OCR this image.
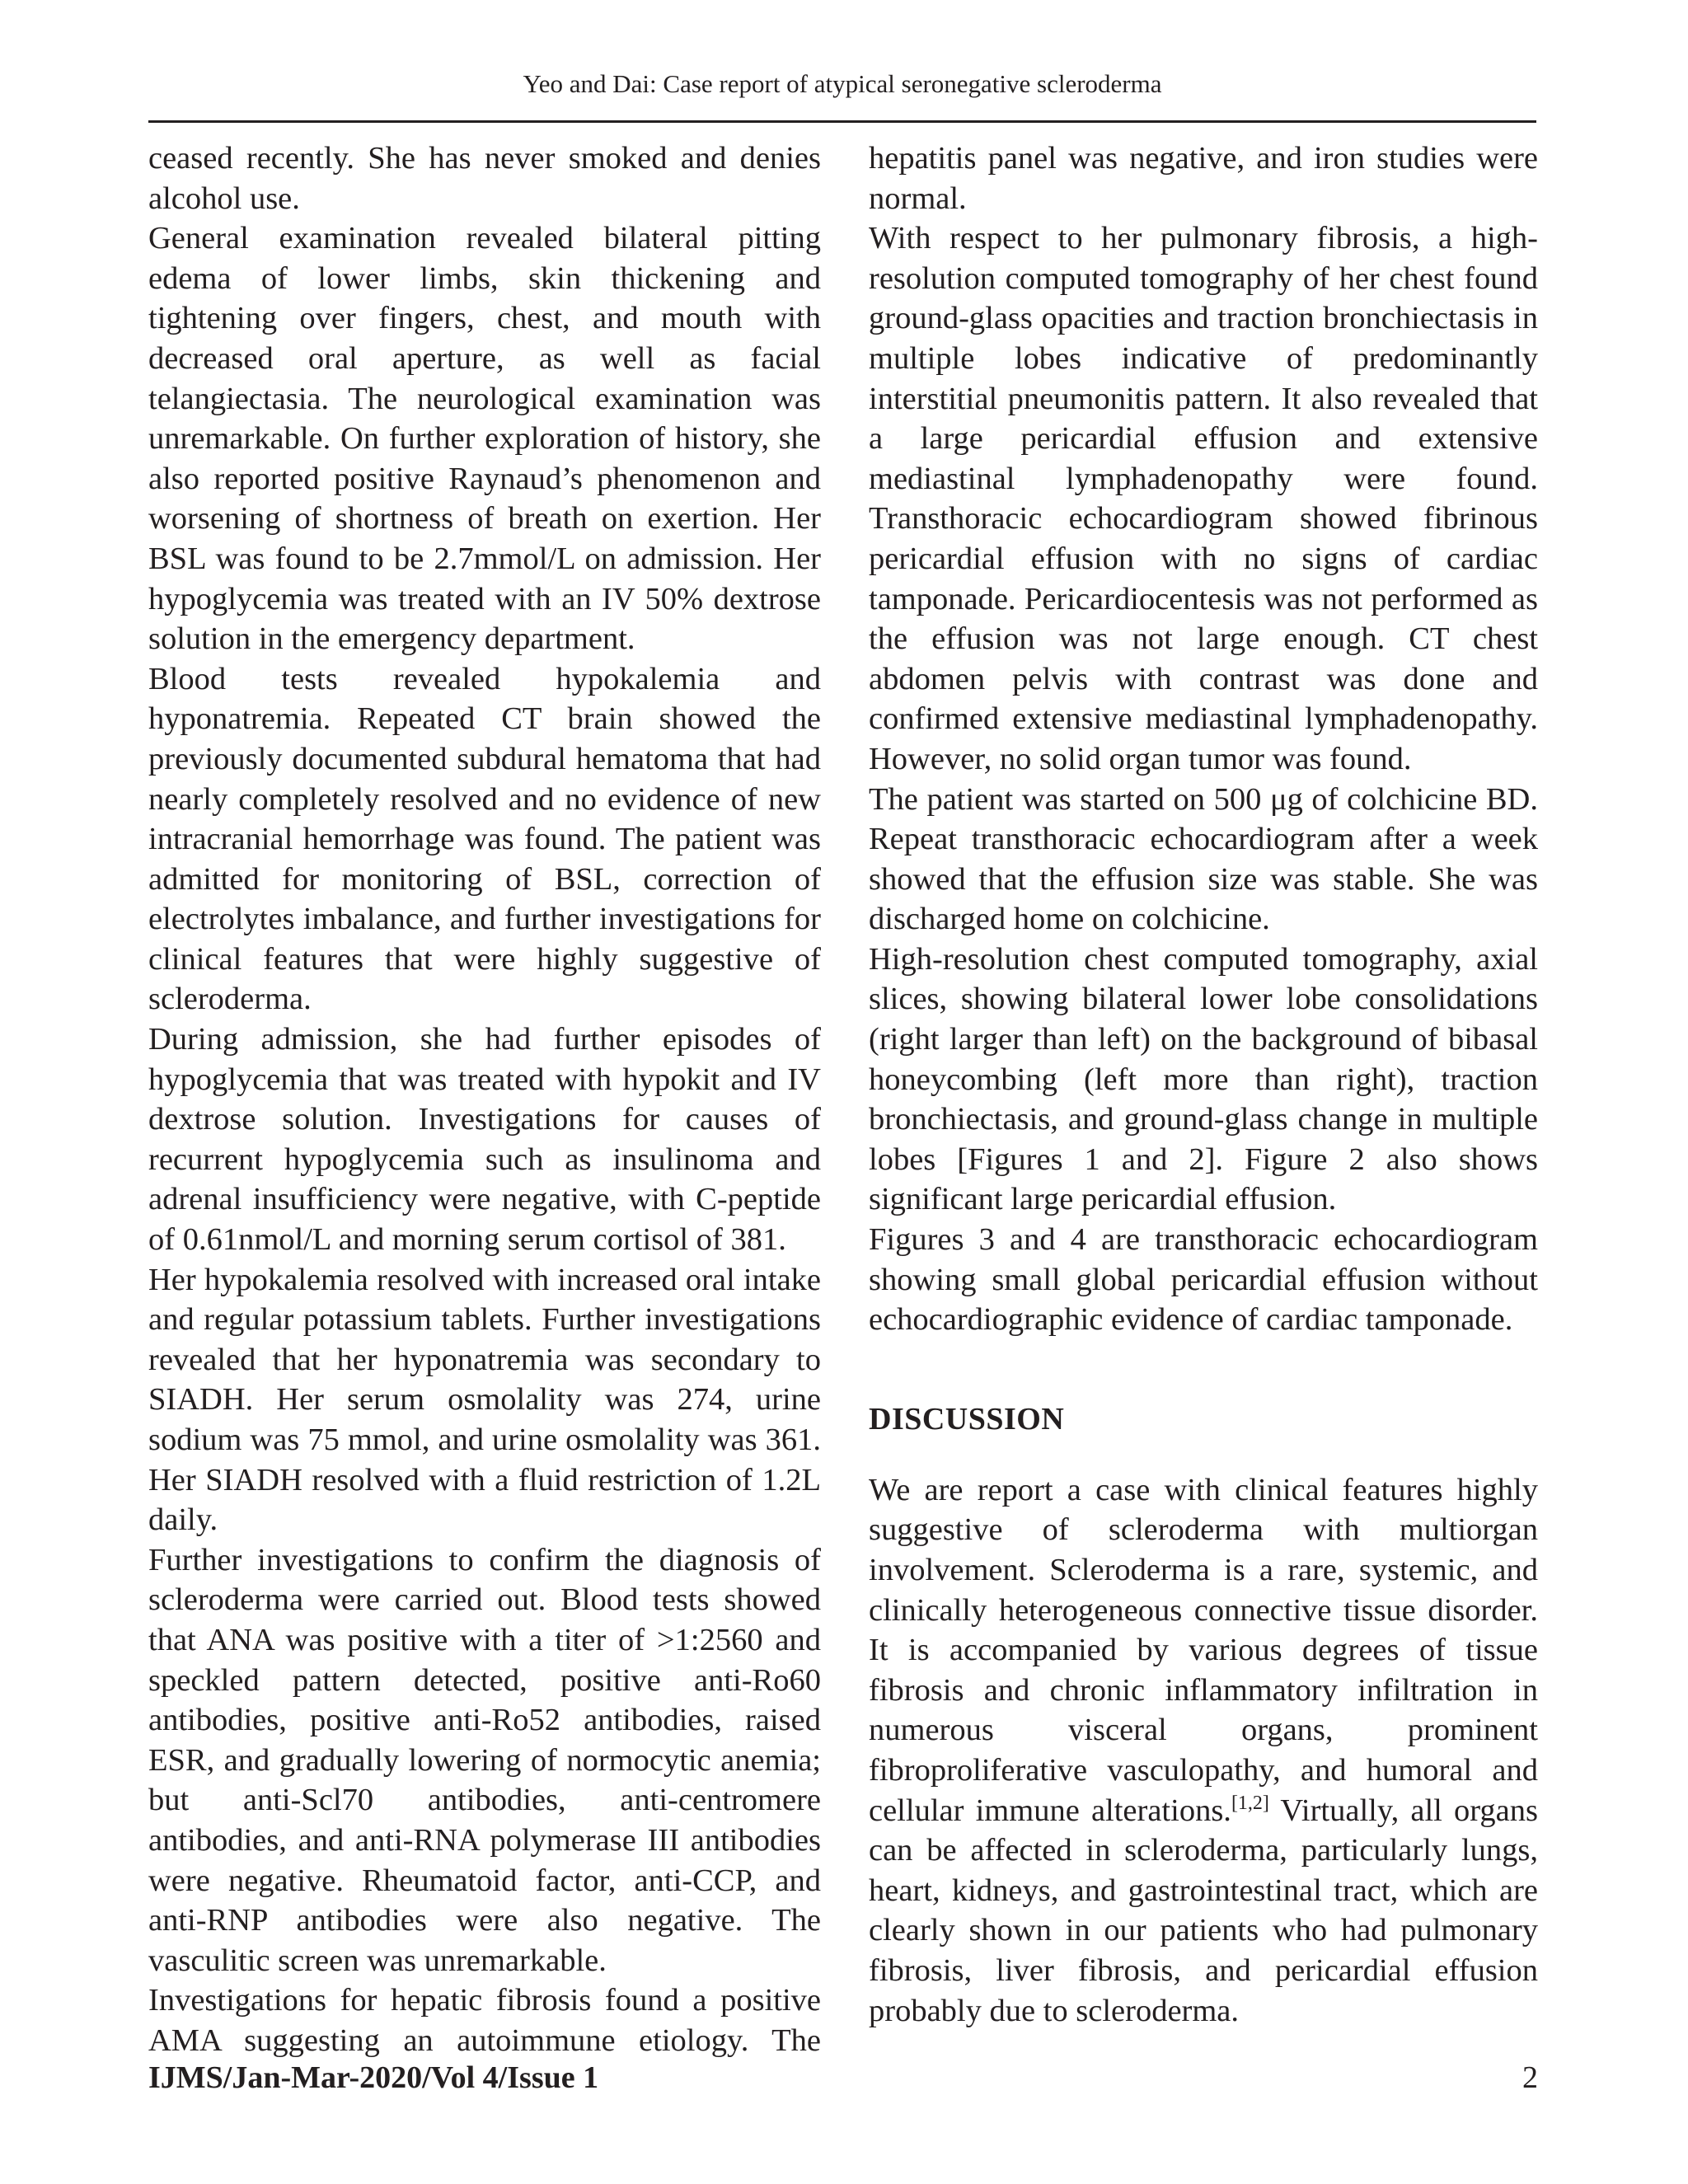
Yeo and Dai: Case report of atypical seronegative scleroderma

ceased recently. She has never smoked and denies alcohol use.

General examination revealed bilateral pitting edema of lower limbs, skin thickening and tightening over fingers, chest, and mouth with decreased oral aperture, as well as facial telangiectasia. The neurological examination was unremarkable. On further exploration of history, she also reported positive Raynaud’s phenomenon and worsening of shortness of breath on exertion. Her BSL was found to be 2.7mmol/L on admission. Her hypoglycemia was treated with an IV 50% dextrose solution in the emergency department.

Blood tests revealed hypokalemia and hyponatremia. Repeated CT brain showed the previously documented subdural hematoma that had nearly completely resolved and no evidence of new intracranial hemorrhage was found. The patient was admitted for monitoring of BSL, correction of electrolytes imbalance, and further investigations for clinical features that were highly suggestive of scleroderma.

During admission, she had further episodes of hypoglycemia that was treated with hypokit and IV dextrose solution. Investigations for causes of recurrent hypoglycemia such as insulinoma and adrenal insufficiency were negative, with C-peptide of 0.61nmol/L and morning serum cortisol of 381.

Her hypokalemia resolved with increased oral intake and regular potassium tablets. Further investigations revealed that her hyponatremia was secondary to SIADH. Her serum osmolality was 274, urine sodium was 75 mmol, and urine osmolality was 361. Her SIADH resolved with a fluid restriction of 1.2L daily.

Further investigations to confirm the diagnosis of scleroderma were carried out. Blood tests showed that ANA was positive with a titer of >1:2560 and speckled pattern detected, positive anti-Ro60 antibodies, positive anti-Ro52 antibodies, raised ESR, and gradually lowering of normocytic anemia; but anti-Scl70 antibodies, anti-centromere antibodies, and anti-RNA polymerase III antibodies were negative. Rheumatoid factor, anti-CCP, and anti-RNP antibodies were also negative. The vasculitic screen was unremarkable.

Investigations for hepatic fibrosis found a positive AMA suggesting an autoimmune etiology. The

hepatitis panel was negative, and iron studies were normal.

With respect to her pulmonary fibrosis, a high-resolution computed tomography of her chest found ground-glass opacities and traction bronchiectasis in multiple lobes indicative of predominantly interstitial pneumonitis pattern. It also revealed that a large pericardial effusion and extensive mediastinal lymphadenopathy were found. Transthoracic echocardiogram showed fibrinous pericardial effusion with no signs of cardiac tamponade. Pericardiocentesis was not performed as the effusion was not large enough. CT chest abdomen pelvis with contrast was done and confirmed extensive mediastinal lymphadenopathy. However, no solid organ tumor was found.

The patient was started on 500 μg of colchicine BD. Repeat transthoracic echocardiogram after a week showed that the effusion size was stable. She was discharged home on colchicine.

High-resolution chest computed tomography, axial slices, showing bilateral lower lobe consolidations (right larger than left) on the background of bibasal honeycombing (left more than right), traction bronchiectasis, and ground-glass change in multiple lobes [Figures 1 and 2]. Figure 2 also shows significant large pericardial effusion.

Figures 3 and 4 are transthoracic echocardiogram showing small global pericardial effusion without echocardiographic evidence of cardiac tamponade.

DISCUSSION

We are report a case with clinical features highly suggestive of scleroderma with multiorgan involvement. Scleroderma is a rare, systemic, and clinically heterogeneous connective tissue disorder. It is accompanied by various degrees of tissue fibrosis and chronic inflammatory infiltration in numerous visceral organs, prominent fibroproliferative vasculopathy, and humoral and cellular immune alterations.[1,2] Virtually, all organs can be affected in scleroderma, particularly lungs, heart, kidneys, and gastrointestinal tract, which are clearly shown in our patients who had pulmonary fibrosis, liver fibrosis, and pericardial effusion probably due to scleroderma.

IJMS/Jan-Mar-2020/Vol 4/Issue 1	2
